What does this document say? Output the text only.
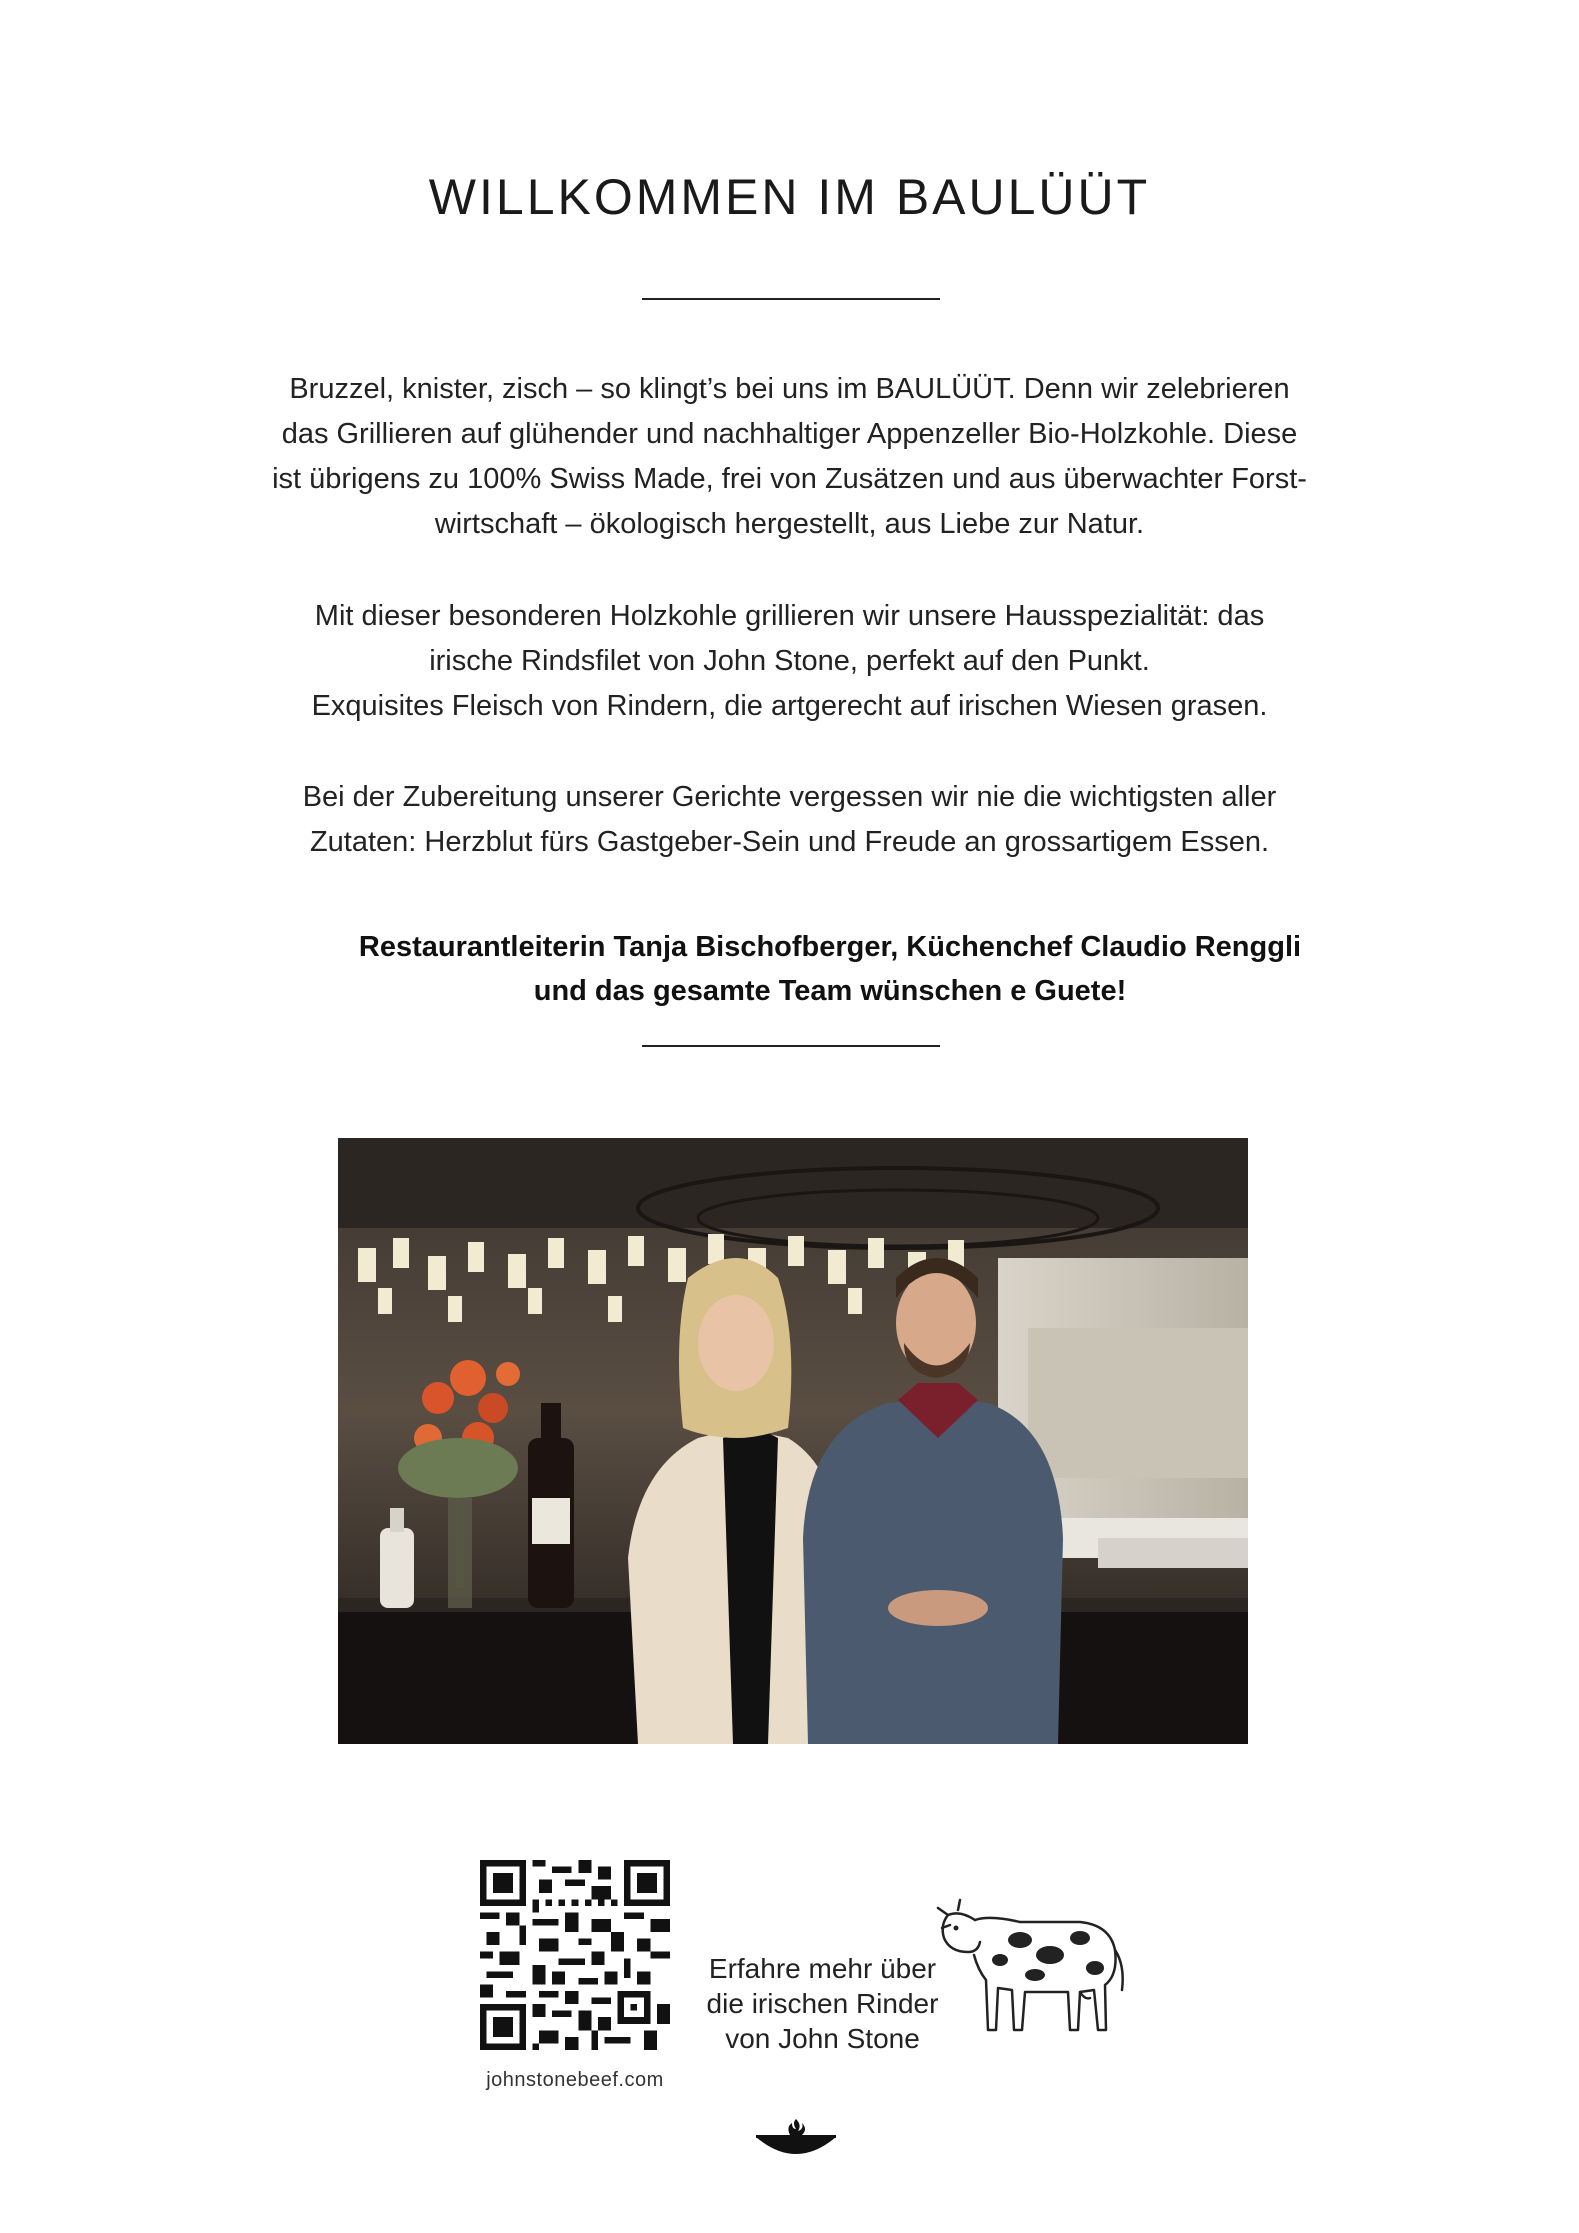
WILLKOMMEN IM BAULÜÜT
Bruzzel, knister, zisch – so klingt’s bei uns im BAULÜÜT. Denn wir zelebrieren
das Grillieren auf glühender und nachhaltiger Appenzeller Bio-Holzkohle. Diese
ist übrigens zu 100% Swiss Made, frei von Zusätzen und aus überwachter Forst-
wirtschaft – ökologisch hergestellt, aus Liebe zur Natur.
Mit dieser besonderen Holzkohle grillieren wir unsere Hausspezialität: das
irische Rindsfilet von John Stone, perfekt auf den Punkt.
Exquisites Fleisch von Rindern, die artgerecht auf irischen Wiesen grasen.
Bei der Zubereitung unserer Gerichte vergessen wir nie die wichtigsten aller
Zutaten: Herzblut fürs Gastgeber-Sein und Freude an grossartigem Essen.
Restaurantleiterin Tanja Bischofberger, Küchenchef Claudio Renggli
und das gesamte Team wünschen e Guete!
johnstonebeef.com
Erfahre mehr über
die irischen Rinder
von John Stone
